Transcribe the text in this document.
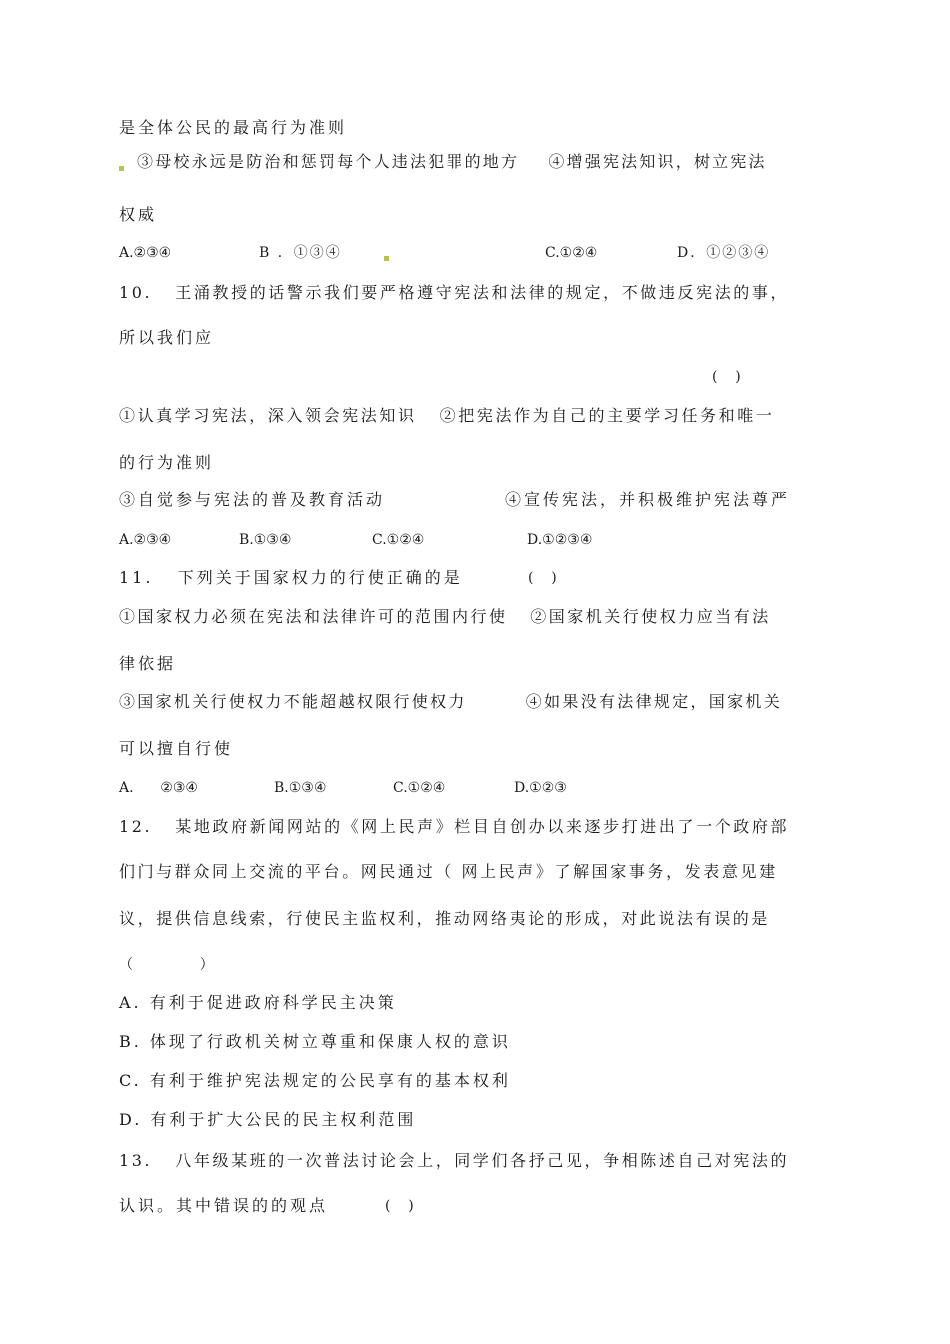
是全体公民的最高行为准则
③母校永远是防治和惩罚每个人违法犯罪的地方    ④增强宪法知识，树立宪法
权威
A.②③④	B ．①③④	C.①②④	D．①②③④
10.   王涌教授的话警示我们要严格遵守宪法和法律的规定，不做违反宪法的事，
所以我们应
(    )
①认真学习宪法，深入领会宪法知识   ②把宪法作为自己的主要学习任务和唯一
的行为准则
③自觉参与宪法的普及教育活动	④宣传宪法，并积极维护宪法尊严
A.②③④	B.①③④	C.①②④	D.①②③④
11.   下列关于国家权力的行使正确的是	(    )
①国家权力必须在宪法和法律许可的范围内行使   ②国家机关行使权力应当有法
律依据
③国家机关行使权力不能超越权限行使权力        ④如果没有法律规定，国家机关
可以擅自行使
A.      ②③④	B.①③④	C.①②④	D.①②③
12.   某地政府新闻网站的《网上民声》栏目自创办以来逐步打进出了一个政府部
们门与群众同上交流的平台。网民通过（ 网上民声》了解国家事务，发表意见建
议，提供信息线索，行使民主监权利，推动网络夷论的形成，对此说法有误的是
（               ）
A. 有利于促进政府科学民主决策
B. 体现了行政机关树立尊重和保康人权的意识
C. 有利于维护宪法规定的公民享有的基本权利
D. 有利于扩大公民的民主权利范围
13.   八年级某班的一次普法讨论会上，同学们各抒己见，争相陈述自己对宪法的
认识。其中错误的的观点	(    )
